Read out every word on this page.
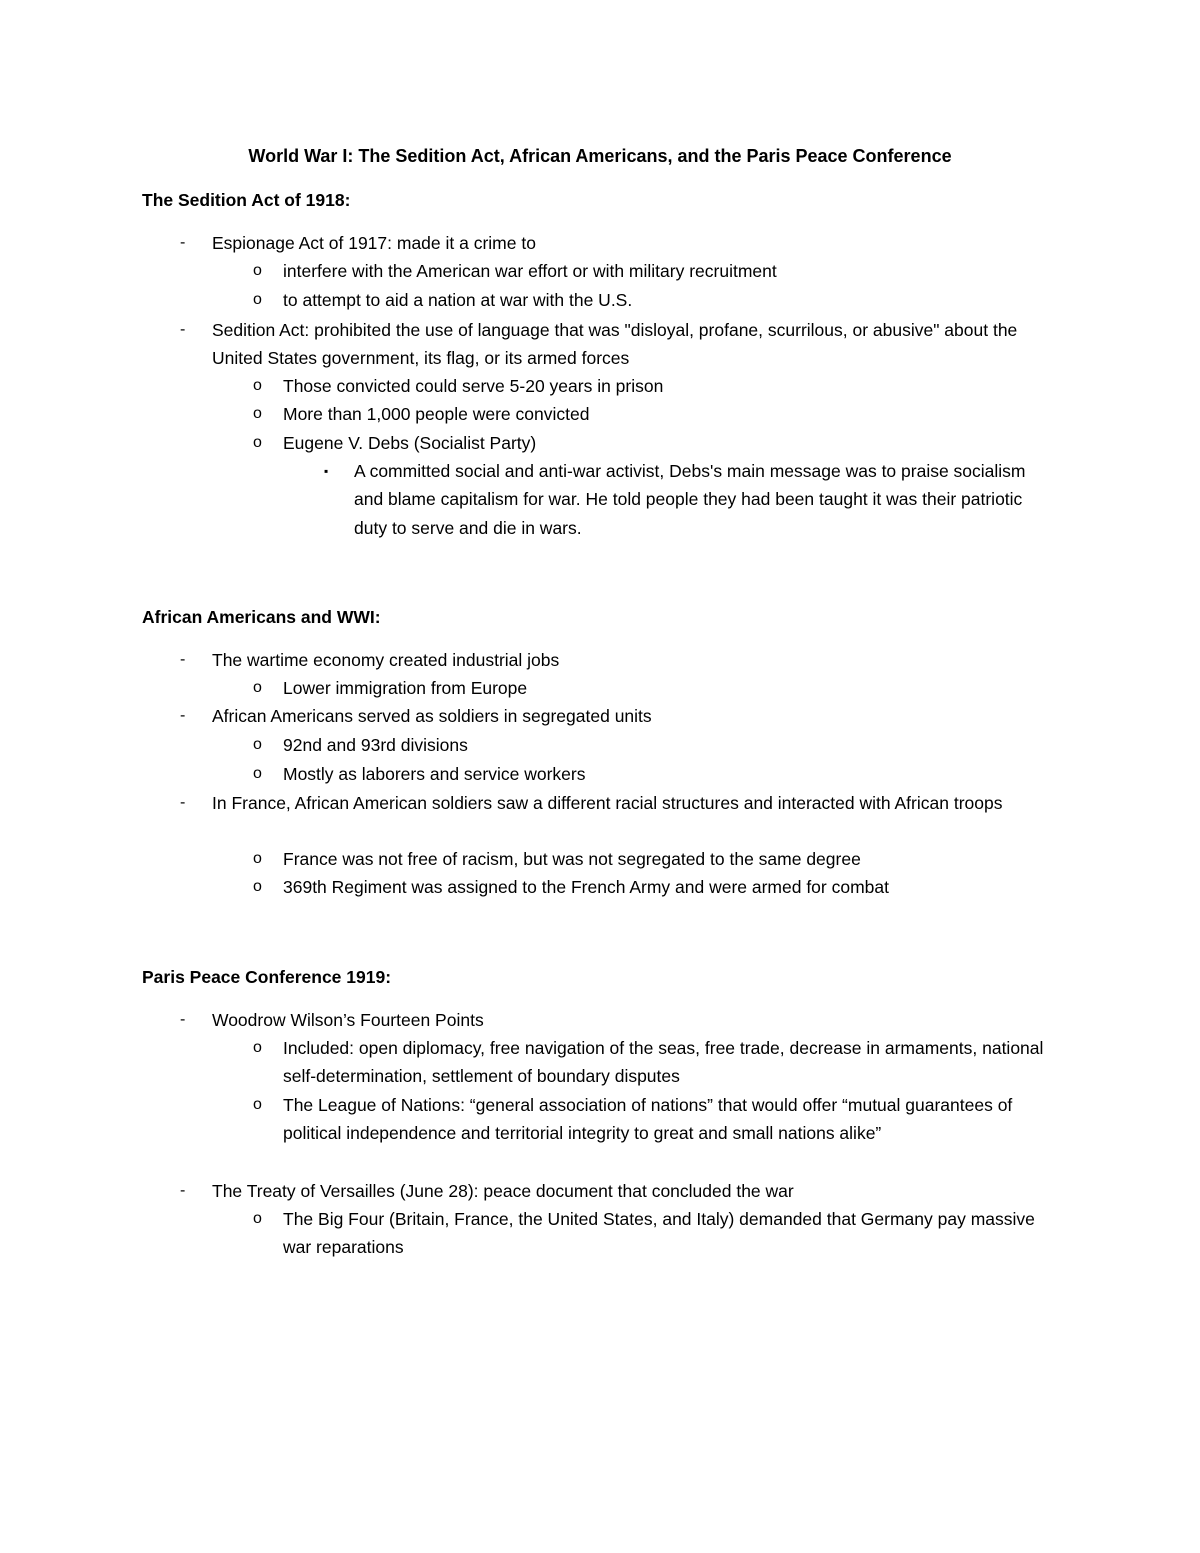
World War I: The Sedition Act, African Americans, and the Paris Peace Conference
The Sedition Act of 1918:
-	Espionage Act of 1917: made it a crime to
o	interfere with the American war effort or with military recruitment
o	to attempt to aid a nation at war with the U.S.
-	Sedition Act: prohibited the use of language that was "disloyal, profane, scurrilous, or abusive" about the United States government, its flag, or its armed forces
o	Those convicted could serve 5-20 years in prison
o	More than 1,000 people were convicted
o	Eugene V. Debs (Socialist Party)
▪	A committed social and anti-war activist, Debs's main message was to praise socialism and blame capitalism for war. He told people they had been taught it was their patriotic duty to serve and die in wars.
African Americans and WWI:
-	The wartime economy created industrial jobs
o	Lower immigration from Europe
-	African Americans served as soldiers in segregated units
o	92nd and 93rd divisions
o	Mostly as laborers and service workers
-	In France, African American soldiers saw a different racial structures and interacted with African troops
o	France was not free of racism, but was not segregated to the same degree
o	369th Regiment was assigned to the French Army and were armed for combat
Paris Peace Conference 1919:
-	Woodrow Wilson’s Fourteen Points
o	Included: open diplomacy, free navigation of the seas, free trade, decrease in armaments, national self-determination, settlement of boundary disputes
o	The League of Nations: “general association of nations” that would offer “mutual guarantees of political independence and territorial integrity to great and small nations alike”
-	The Treaty of Versailles (June 28): peace document that concluded the war
o	The Big Four (Britain, France, the United States, and Italy) demanded that Germany pay massive war reparations
